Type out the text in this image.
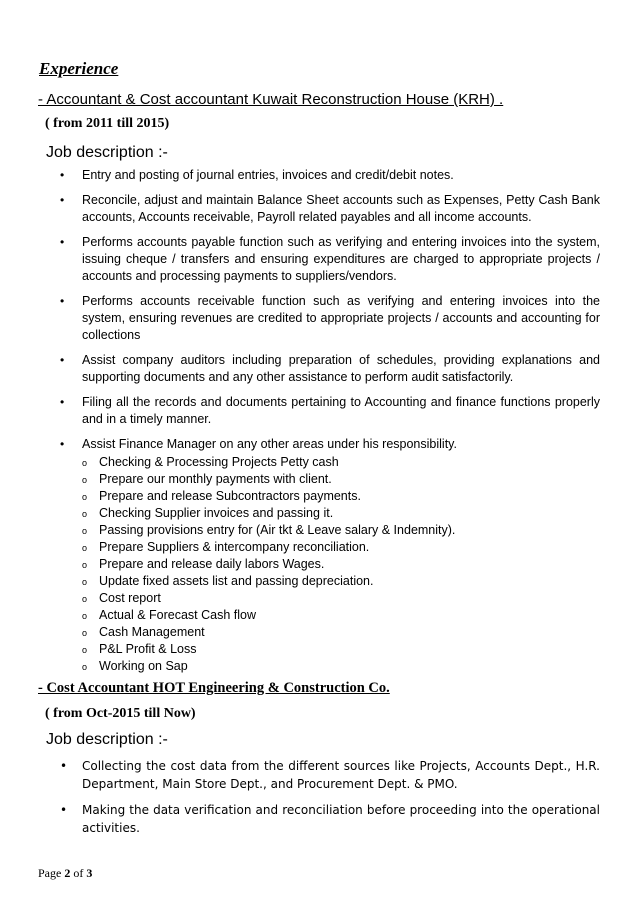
Experience
- Accountant & Cost accountant Kuwait Reconstruction House (KRH) .
( from 2011 till 2015)
Job description :-
• Entry and posting of journal entries, invoices and credit/debit notes.
• Reconcile, adjust and maintain Balance Sheet accounts such as Expenses, Petty Cash Bank accounts, Accounts receivable, Payroll related payables and all income accounts.
• Performs accounts payable function such as verifying and entering invoices into the system, issuing cheque / transfers and ensuring expenditures are charged to appropriate projects / accounts and processing payments to suppliers/vendors.
• Performs accounts receivable function such as verifying and entering invoices into the system, ensuring revenues are credited to appropriate projects / accounts and accounting for collections
• Assist company auditors including preparation of schedules, providing explanations and supporting documents and any other assistance to perform audit satisfactorily.
• Filing all the records and documents pertaining to Accounting and finance functions properly and in a timely manner.
• Assist Finance Manager on any other areas under his responsibility.
o Checking & Processing Projects Petty cash
o Prepare our monthly payments with client.
o Prepare and release Subcontractors payments.
o Checking Supplier invoices and passing it.
o Passing provisions entry for (Air tkt & Leave salary & Indemnity).
o Prepare Suppliers & intercompany reconciliation.
o Prepare and release daily labors Wages.
o Update fixed assets list and passing depreciation.
o Cost report
o Actual & Forecast Cash flow
o Cash Management
o P&L Profit & Loss
o Working on Sap
- Cost Accountant HOT Engineering & Construction Co.
( from Oct-2015 till Now)
Job description :-
• Collecting the cost data from the different sources like Projects, Accounts Dept., H.R. Department, Main Store Dept., and Procurement Dept. & PMO.
• Making the data verification and reconciliation before proceeding into the operational activities.
Page 2 of 3
